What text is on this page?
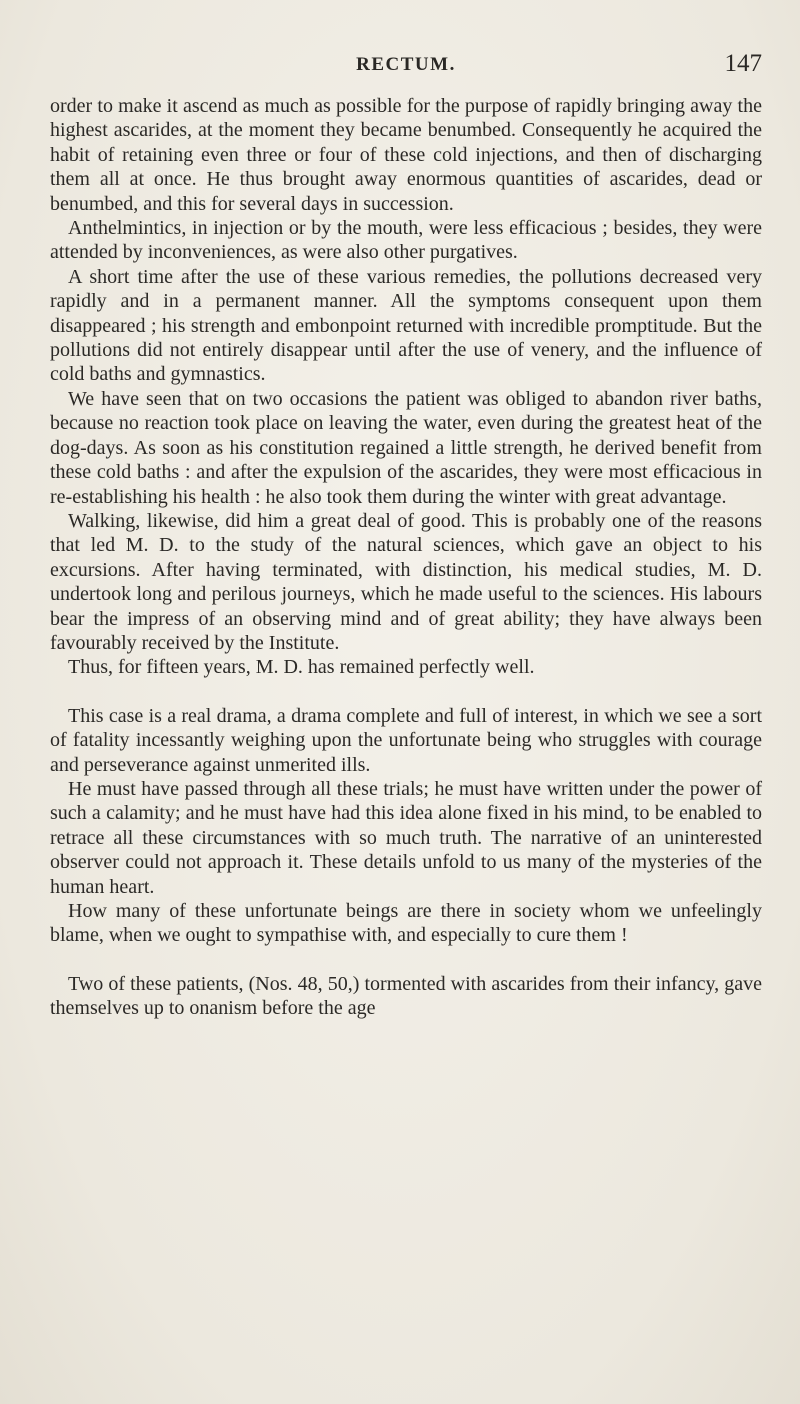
RECTUM.	147

order to make it ascend as much as possible for the purpose of rapidly bringing away the highest ascarides, at the moment they became benumbed. Consequently he acquired the habit of retaining even three or four of these cold injections, and then of discharging them all at once. He thus brought away enormous quantities of ascarides, dead or benumbed, and this for several days in succession.

Anthelmintics, in injection or by the mouth, were less efficacious ; besides, they were attended by inconveniences, as were also other purgatives.

A short time after the use of these various remedies, the pollutions decreased very rapidly and in a permanent manner. All the symptoms consequent upon them disappeared ; his strength and embonpoint returned with incredible promptitude. But the pollutions did not entirely disappear until after the use of venery, and the influence of cold baths and gymnastics.

We have seen that on two occasions the patient was obliged to abandon river baths, because no reaction took place on leaving the water, even during the greatest heat of the dog-days. As soon as his constitution regained a little strength, he derived benefit from these cold baths : and after the expulsion of the ascarides, they were most efficacious in re-establishing his health : he also took them during the winter with great advantage.

Walking, likewise, did him a great deal of good. This is probably one of the reasons that led M. D. to the study of the natural sciences, which gave an object to his excursions. After having terminated, with distinction, his medical studies, M. D. undertook long and perilous journeys, which he made useful to the sciences. His labours bear the impress of an observing mind and of great ability; they have always been favourably received by the Institute.

Thus, for fifteen years, M. D. has remained perfectly well.

This case is a real drama, a drama complete and full of interest, in which we see a sort of fatality incessantly weighing upon the unfortunate being who struggles with courage and perseverance against unmerited ills.

He must have passed through all these trials; he must have written under the power of such a calamity; and he must have had this idea alone fixed in his mind, to be enabled to retrace all these circumstances with so much truth. The narrative of an uninterested observer could not approach it. These details unfold to us many of the mysteries of the human heart.

How many of these unfortunate beings are there in society whom we unfeelingly blame, when we ought to sympathise with, and especially to cure them !

Two of these patients, (Nos. 48, 50,) tormented with ascarides from their infancy, gave themselves up to onanism before the age
